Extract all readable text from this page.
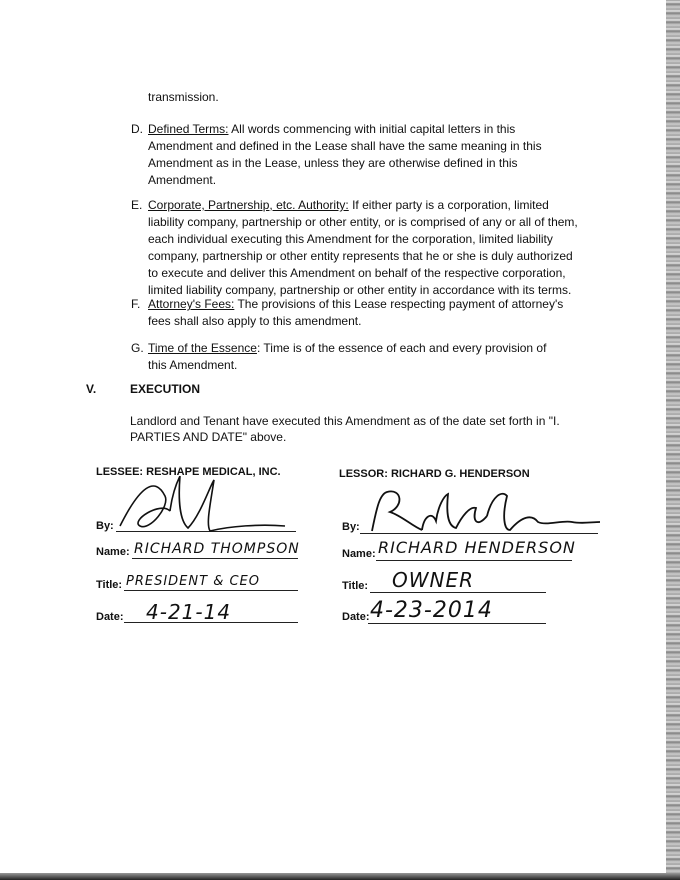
transmission.
D. Defined Terms: All words commencing with initial capital letters in this
Amendment and defined in the Lease shall have the same meaning in this
Amendment as in the Lease, unless they are otherwise defined in this
Amendment.
E. Corporate, Partnership, etc. Authority: If either party is a corporation, limited
liability company, partnership or other entity, or is comprised of any or all of them,
each individual executing this Amendment for the corporation, limited liability
company, partnership or other entity represents that he or she is duly authorized
to execute and deliver this Amendment on behalf of the respective corporation,
limited liability company, partnership or other entity in accordance with its terms.
F. Attorney's Fees: The provisions of this Lease respecting payment of attorney's
fees shall also apply to this amendment.
G. Time of the Essence: Time is of the essence of each and every provision of
this Amendment.
V.	EXECUTION
Landlord and Tenant have executed this Amendment as of the date set forth in "I.
PARTIES AND DATE" above.
LESSEE: RESHAPE MEDICAL, INC.
By:
Name: RICHARD THOMPSON
Title: PRESIDENT & CEO
Date: 4-21-14
LESSOR: RICHARD G. HENDERSON
By:
Name: RICHARD HENDERSON
Title: OWNER
Date: 4-23-2014
